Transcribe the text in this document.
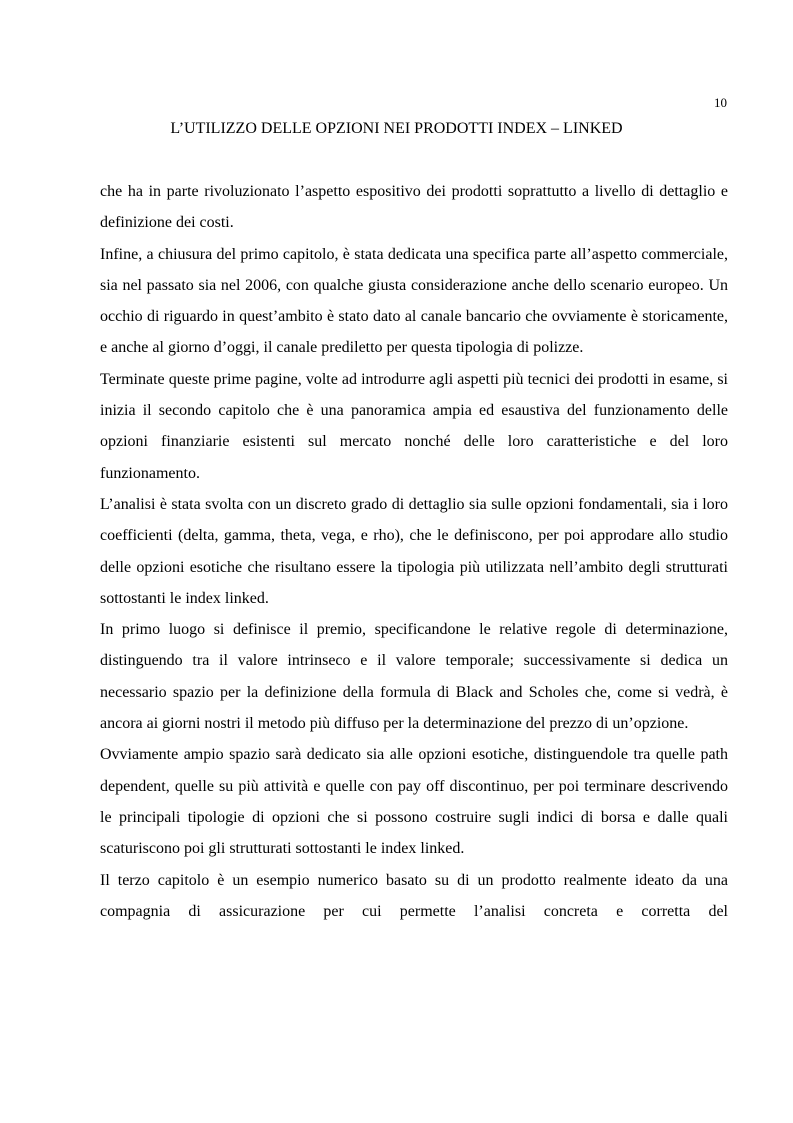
10
L’UTILIZZO DELLE OPZIONI NEI PRODOTTI INDEX – LINKED

che ha in parte rivoluzionato l’aspetto espositivo dei prodotti soprattutto a livello di dettaglio e definizione dei costi.

Infine, a chiusura del primo capitolo, è stata dedicata una specifica parte all’aspetto commerciale, sia nel passato sia nel 2006, con qualche giusta considerazione anche dello scenario europeo. Un occhio di riguardo in quest’ambito è stato dato al canale bancario che ovviamente è storicamente, e anche al giorno d’oggi, il canale prediletto per questa tipologia di polizze.

Terminate queste prime pagine, volte ad introdurre agli aspetti più tecnici dei prodotti in esame, si inizia il secondo capitolo che è una panoramica ampia ed esaustiva del funzionamento delle opzioni finanziarie esistenti sul mercato nonché delle loro caratteristiche e del loro funzionamento.

L’analisi è stata svolta con un discreto grado di dettaglio sia sulle opzioni fondamentali, sia i loro coefficienti (delta, gamma, theta, vega, e rho), che le definiscono, per poi approdare allo studio delle opzioni esotiche che risultano essere la tipologia più utilizzata nell’ambito degli strutturati sottostanti le index linked.

In primo luogo si definisce il premio, specificandone le relative regole di determinazione, distinguendo tra il valore intrinseco e il valore temporale; successivamente si dedica un necessario spazio per la definizione della formula di Black and Scholes che, come si vedrà, è ancora ai giorni nostri il metodo più diffuso per la determinazione del prezzo di un’opzione.

Ovviamente ampio spazio sarà dedicato sia alle opzioni esotiche, distinguendole tra quelle path dependent, quelle su più attività e quelle con pay off discontinuo, per poi terminare descrivendo le principali tipologie di opzioni che si possono costruire sugli indici di borsa e dalle quali scaturiscono poi gli strutturati sottostanti le index linked.

Il terzo capitolo è un esempio numerico basato su di un prodotto realmente ideato da una compagnia di assicurazione per cui permette l’analisi concreta e corretta del
